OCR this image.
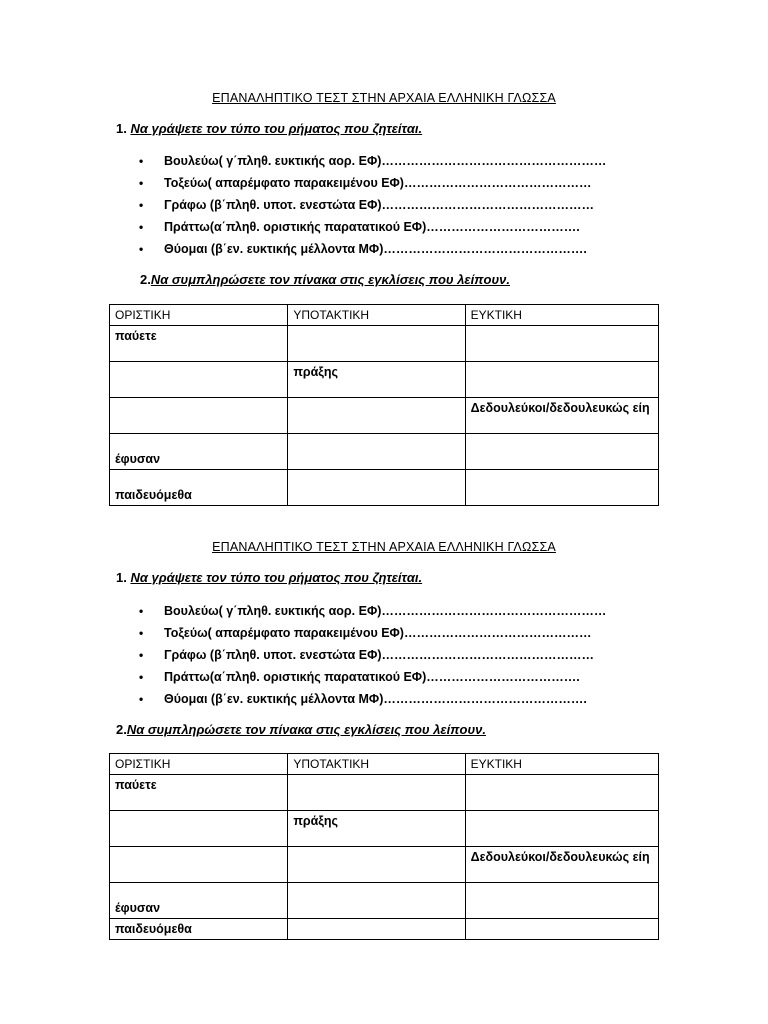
ΕΠΑΝΑΛΗΠΤΙΚΟ ΤΕΣΤ ΣΤΗΝ ΑΡΧΑΙΑ ΕΛΛΗΝΙΚΗ ΓΛΩΣΣΑ
1. Να γράψετε τον τύπο του ρήματος που ζητείται.
• Βουλεύω( γ΄πληθ. ευκτικής αορ. ΕΦ)………………………………………………
• Τοξεύω( απαρέμφατο παρακειμένου ΕΦ)………………………………………
• Γράφω (β΄πληθ. υποτ. ενεστώτα ΕΦ)……………………………………………
• Πράττω(α΄πληθ. οριστικής παρατατικού ΕΦ)……………………………….
• Θύομαι (β΄εν. ευκτικής μέλλοντα ΜΦ)………………………………………….
2.Να συμπληρώσετε τον πίνακα στις εγκλίσεις που λείπουν.
ΟΡΙΣΤΙΚΗ	ΥΠΟΤΑΚΤΙΚΗ	ΕΥΚΤΙΚΗ
παύετε		
	πράξης	
		Δεδουλεύκοι/δεδουλευκώς είη
έφυσαν		
παιδευόμεθα		
ΕΠΑΝΑΛΗΠΤΙΚΟ ΤΕΣΤ ΣΤΗΝ ΑΡΧΑΙΑ ΕΛΛΗΝΙΚΗ ΓΛΩΣΣΑ
1. Να γράψετε τον τύπο του ρήματος που ζητείται.
• Βουλεύω( γ΄πληθ. ευκτικής αορ. ΕΦ)………………………………………………
• Τοξεύω( απαρέμφατο παρακειμένου ΕΦ)………………………………………
• Γράφω (β΄πληθ. υποτ. ενεστώτα ΕΦ)……………………………………………
• Πράττω(α΄πληθ. οριστικής παρατατικού ΕΦ)……………………………….
• Θύομαι (β΄εν. ευκτικής μέλλοντα ΜΦ)………………………………………….
2.Να συμπληρώσετε τον πίνακα στις εγκλίσεις που λείπουν.
ΟΡΙΣΤΙΚΗ	ΥΠΟΤΑΚΤΙΚΗ	ΕΥΚΤΙΚΗ
παύετε		
	πράξης	
		Δεδουλεύκοι/δεδουλευκώς είη
έφυσαν		
παιδευόμεθα		
